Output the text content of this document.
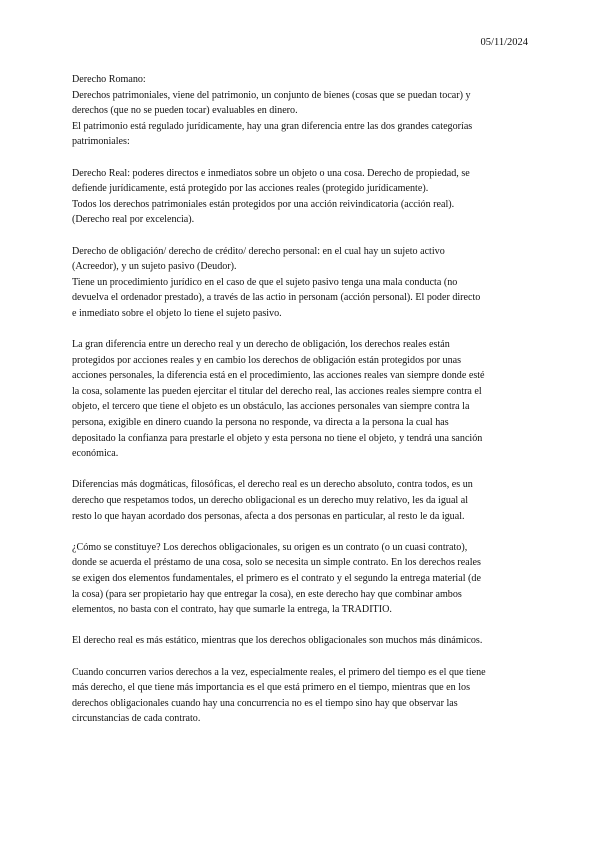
05/11/2024

Derecho Romano:
Derechos patrimoniales, viene del patrimonio, un conjunto de bienes (cosas que se puedan tocar) y
derechos (que no se pueden tocar) evaluables en dinero.
El patrimonio está regulado jurídicamente, hay una gran diferencia entre las dos grandes categorías
patrimoniales:

Derecho Real: poderes directos e inmediatos sobre un objeto o una cosa. Derecho de propiedad, se
defiende jurídicamente, está protegido por las acciones reales (protegido jurídicamente).
Todos los derechos patrimoniales están protegidos por una acción reivindicatoria (acción real).
(Derecho real por excelencia).

Derecho de obligación/ derecho de crédito/ derecho personal: en el cual hay un sujeto activo
(Acreedor), y un sujeto pasivo (Deudor).
Tiene un procedimiento jurídico en el caso de que el sujeto pasivo tenga una mala conducta (no
devuelva el ordenador prestado), a través de las actio in personam (acción personal). El poder directo
e inmediato sobre el objeto lo tiene el sujeto pasivo.

La gran diferencia entre un derecho real y un derecho de obligación, los derechos reales están
protegidos por acciones reales y en cambio los derechos de obligación están protegidos por unas
acciones personales, la diferencia está en el procedimiento, las acciones reales van siempre donde esté
la cosa, solamente las pueden ejercitar el titular del derecho real, las acciones reales siempre contra el
objeto, el tercero que tiene el objeto es un obstáculo, las acciones personales van siempre contra la
persona, exigible en dinero cuando la persona no responde, va directa a la persona la cual has
depositado la confianza para prestarle el objeto y esta persona no tiene el objeto, y tendrá una sanción
económica.

Diferencias más dogmáticas, filosóficas, el derecho real es un derecho absoluto, contra todos, es un
derecho que respetamos todos, un derecho obligacional es un derecho muy relativo, les da igual al
resto lo que hayan acordado dos personas, afecta a dos personas en particular, al resto le da igual.

¿Cómo se constituye? Los derechos obligacionales, su origen es un contrato (o un cuasi contrato),
donde se acuerda el préstamo de una cosa, solo se necesita un simple contrato. En los derechos reales
se exigen dos elementos fundamentales, el primero es el contrato y el segundo la entrega material (de
la cosa) (para ser propietario hay que entregar la cosa), en este derecho hay que combinar ambos
elementos, no basta con el contrato, hay que sumarle la entrega, la TRADITIO.

El derecho real es más estático, mientras que los derechos obligacionales son muchos más dinámicos.

Cuando concurren varios derechos a la vez, especialmente reales, el primero del tiempo es el que tiene
más derecho, el que tiene más importancia es el que está primero en el tiempo, mientras que en los
derechos obligacionales cuando hay una concurrencia no es el tiempo sino hay que observar las
circunstancias de cada contrato.
